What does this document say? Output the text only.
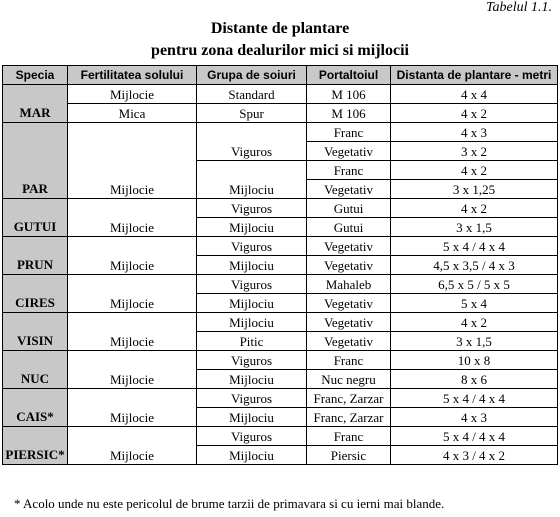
Tabelul 1.1.
Distante de plantare
pentru zona dealurilor mici si mijlocii
Specia	Fertilitatea solului	Grupa de soiuri	Portaltoiul	Distanta de plantare - metri
MAR	Mijlocie	Standard	M 106	4 x 4
	Mica	Spur	M 106	4 x 2
PAR	Mijlocie	Viguros	Franc	4 x 3
			Vegetativ	3 x 2
		Mijlociu	Franc	4 x 2
			Vegetativ	3 x 1,25
GUTUI	Mijlocie	Viguros	Gutui	4 x 2
		Mijlociu	Gutui	3 x 1,5
PRUN	Mijlocie	Viguros	Vegetativ	5 x 4 / 4 x 4
		Mijlociu	Vegetativ	4,5 x 3,5 / 4 x 3
CIRES	Mijlocie	Viguros	Mahaleb	6,5 x 5 / 5 x 5
		Mijlociu	Vegetativ	5 x 4
VISIN	Mijlocie	Mijlociu	Vegetativ	4 x 2
		Pitic	Vegetativ	3 x 1,5
NUC	Mijlocie	Viguros	Franc	10 x 8
		Mijlociu	Nuc negru	8 x 6
CAIS*	Mijlocie	Viguros	Franc, Zarzar	5 x 4 / 4 x 4
		Mijlociu	Franc, Zarzar	4 x 3
PIERSIC*	Mijlocie	Viguros	Franc	5 x 4 / 4 x 4
		Mijlociu	Piersic	4 x 3 / 4 x 2
* Acolo unde nu este pericolul de brume tarzii de primavara si cu ierni mai blande.
